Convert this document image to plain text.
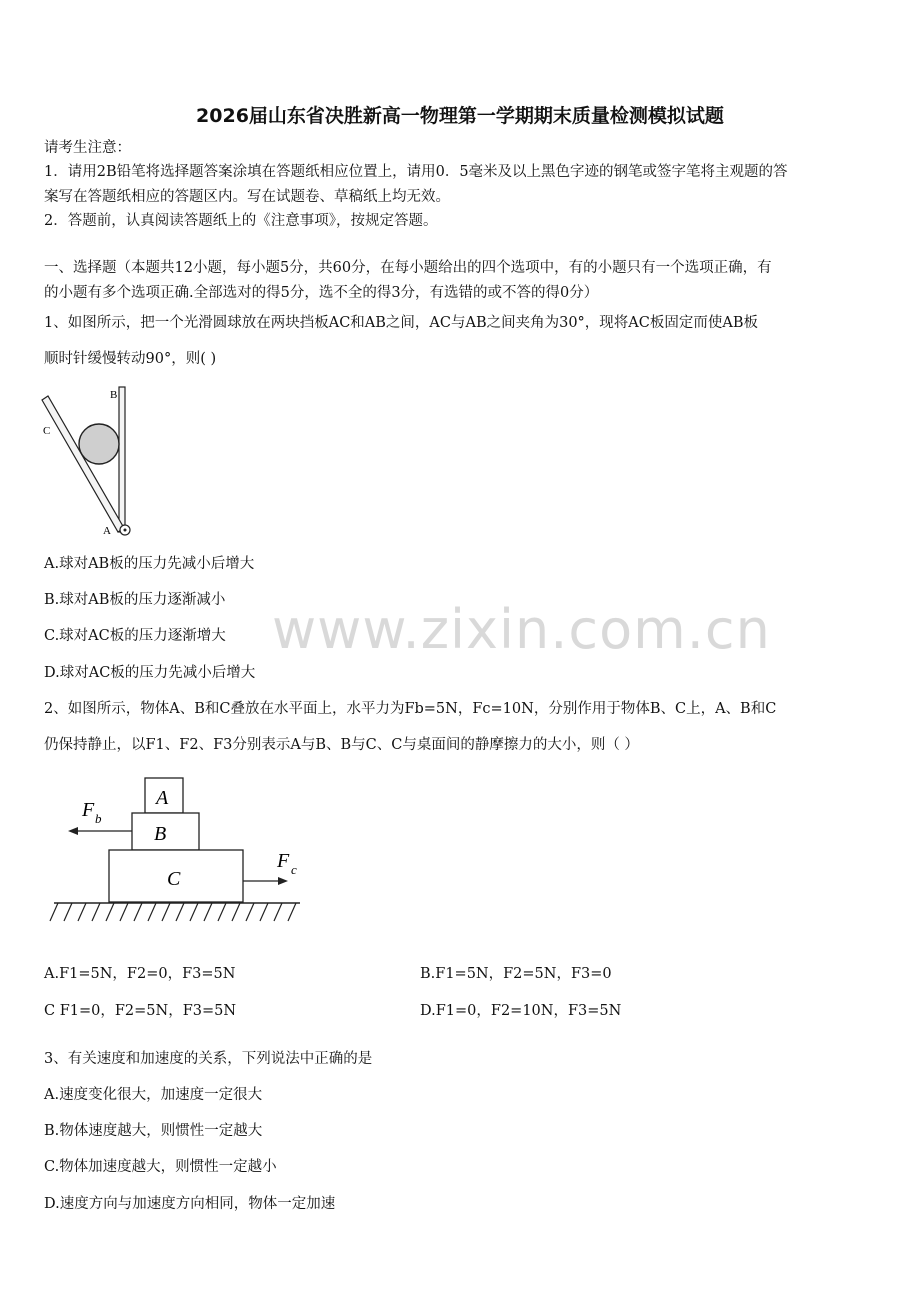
2026届山东省决胜新高一物理第一学期期末质量检测模拟试题
请考生注意：
1．请用2B铅笔将选择题答案涂填在答题纸相应位置上，请用0．5毫米及以上黑色字迹的钢笔或签字笔将主观题的答
案写在答题纸相应的答题区内。写在试题卷、草稿纸上均无效。
2．答题前，认真阅读答题纸上的《注意事项》，按规定答题。
一、选择题（本题共12小题，每小题5分，共60分，在每小题给出的四个选项中，有的小题只有一个选项正确，有
的小题有多个选项正确.全部选对的得5分，选不全的得3分，有选错的或不答的得0分）
1、如图所示，把一个光滑圆球放在两块挡板AC和AB之间，AC与AB之间夹角为30°，现将AC板固定而使AB板
顺时针缓慢转动90°，则( )
B
C
A
A.球对AB板的压力先减小后增大
B.球对AB板的压力逐渐减小
C.球对AC板的压力逐渐增大
D.球对AC板的压力先减小后增大
www.zixin.com.cn
2、如图所示，物体A、B和C叠放在水平面上，水平力为Fb=5N，Fc=10N，分别作用于物体B、C上，A、B和C
仍保持静止，以F1、F2、F3分别表示A与B、B与C、C与桌面间的静摩擦力的大小，则（ ）
A
B
C
F b
F c
A.F1=5N，F2=0，F3=5N	B.F1=5N，F2=5N，F3=0
C F1=0，F2=5N，F3=5N	D.F1=0，F2=10N，F3=5N
3、有关速度和加速度的关系，下列说法中正确的是
A.速度变化很大，加速度一定很大
B.物体速度越大，则惯性一定越大
C.物体加速度越大，则惯性一定越小
D.速度方向与加速度方向相同，物体一定加速
